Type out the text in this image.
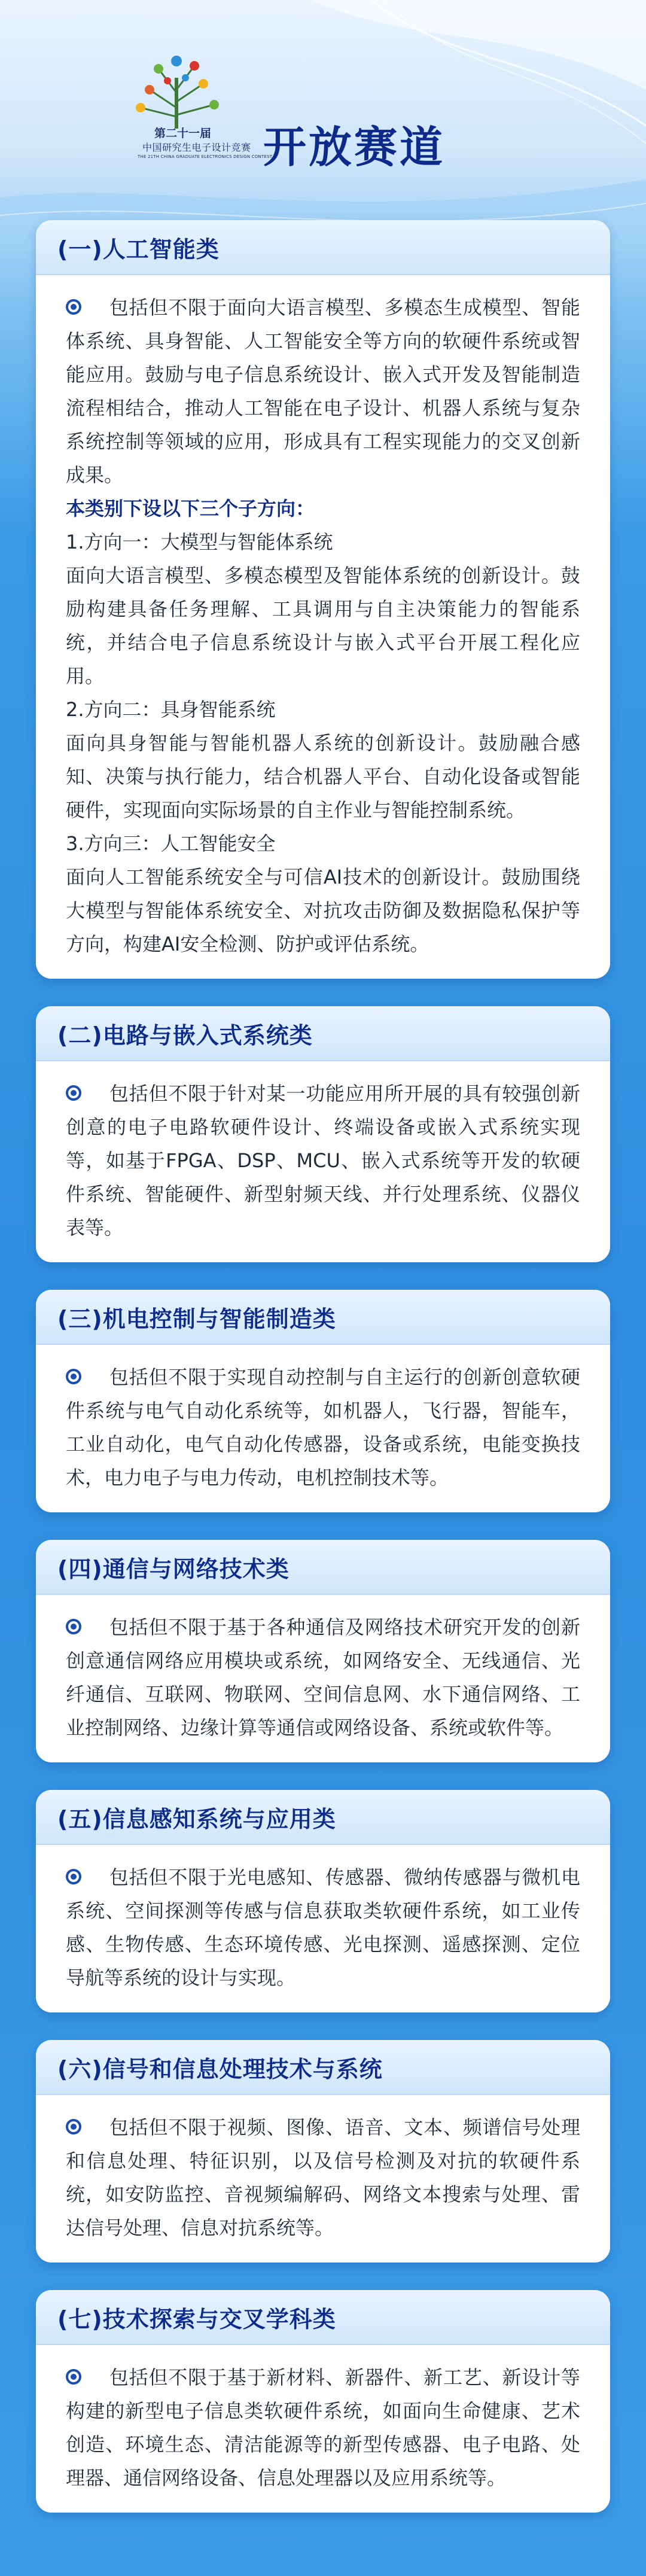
第二十一届
中国研究生电子设计竞赛
THE 21TH CHINA GRADUATE ELECTRONICS DESIGN CONTEST
开放赛道
(一)人工智能类

包括但不限于面向大语言模型、多模态生成模型、智能体系统、具身智能、人工智能安全等方向的软硬件系统或智能应用。鼓励与电子信息系统设计、嵌入式开发及智能制造流程相结合，推动人工智能在电子设计、机器人系统与复杂系统控制等领域的应用，形成具有工程实现能力的交叉创新成果。

本类别下设以下三个子方向：

1.方向一：大模型与智能体系统

面向大语言模型、多模态模型及智能体系统的创新设计。鼓励构建具备任务理解、工具调用与自主决策能力的智能系统，并结合电子信息系统设计与嵌入式平台开展工程化应用。

2.方向二：具身智能系统

面向具身智能与智能机器人系统的创新设计。鼓励融合感知、决策与执行能力，结合机器人平台、自动化设备或智能硬件，实现面向实际场景的自主作业与智能控制系统。

3.方向三：人工智能安全

面向人工智能系统安全与可信AI技术的创新设计。鼓励围绕大模型与智能体系统安全、对抗攻击防御及数据隐私保护等方向，构建AI安全检测、防护或评估系统。

(二)电路与嵌入式系统类

包括但不限于针对某一功能应用所开展的具有较强创新创意的电子电路软硬件设计、终端设备或嵌入式系统实现等，如基于FPGA、DSP、MCU、嵌入式系统等开发的软硬件系统、智能硬件、新型射频天线、并行处理系统、仪器仪表等。

(三)机电控制与智能制造类

包括但不限于实现自动控制与自主运行的创新创意软硬件系统与电气自动化系统等，如机器人，飞行器，智能车，工业自动化，电气自动化传感器，设备或系统，电能变换技术，电力电子与电力传动，电机控制技术等。

(四)通信与网络技术类

包括但不限于基于各种通信及网络技术研究开发的创新创意通信网络应用模块或系统，如网络安全、无线通信、光纤通信、互联网、物联网、空间信息网、水下通信网络、工业控制网络、边缘计算等通信或网络设备、系统或软件等。

(五)信息感知系统与应用类

包括但不限于光电感知、传感器、微纳传感器与微机电系统、空间探测等传感与信息获取类软硬件系统，如工业传感、生物传感、生态环境传感、光电探测、遥感探测、定位导航等系统的设计与实现。

(六)信号和信息处理技术与系统

包括但不限于视频、图像、语音、文本、频谱信号处理和信息处理、特征识别，以及信号检测及对抗的软硬件系统，如安防监控、音视频编解码、网络文本搜索与处理、雷达信号处理、信息对抗系统等。

(七)技术探索与交叉学科类

包括但不限于基于新材料、新器件、新工艺、新设计等构建的新型电子信息类软硬件系统，如面向生命健康、艺术创造、环境生态、清洁能源等的新型传感器、电子电路、处理器、通信网络设备、信息处理器以及应用系统等。
